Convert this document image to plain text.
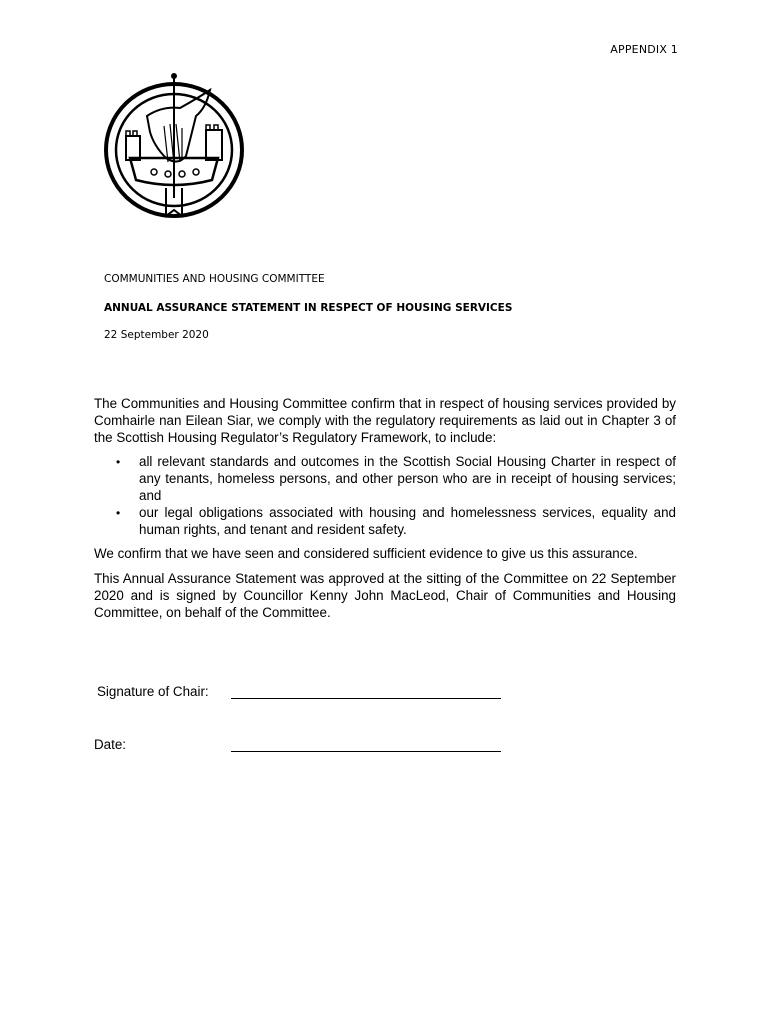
APPENDIX 1
COMMUNITIES AND HOUSING COMMITTEE
ANNUAL ASSURANCE STATEMENT IN RESPECT OF HOUSING SERVICES
22 September 2020

The Communities and Housing Committee confirm that in respect of housing services provided by Comhairle nan Eilean Siar, we comply with the regulatory requirements as laid out in Chapter 3 of the Scottish Housing Regulator’s Regulatory Framework, to include:

• all relevant standards and outcomes in the Scottish Social Housing Charter in respect of any tenants, homeless persons, and other person who are in receipt of housing services; and
• our legal obligations associated with housing and homelessness services, equality and human rights, and tenant and resident safety.

We confirm that we have seen and considered sufficient evidence to give us this assurance.

This Annual Assurance Statement was approved at the sitting of the Committee on 22 September 2020 and is signed by Councillor Kenny John MacLeod, Chair of Communities and Housing Committee, on behalf of the Committee.

Signature of Chair:
Date:
